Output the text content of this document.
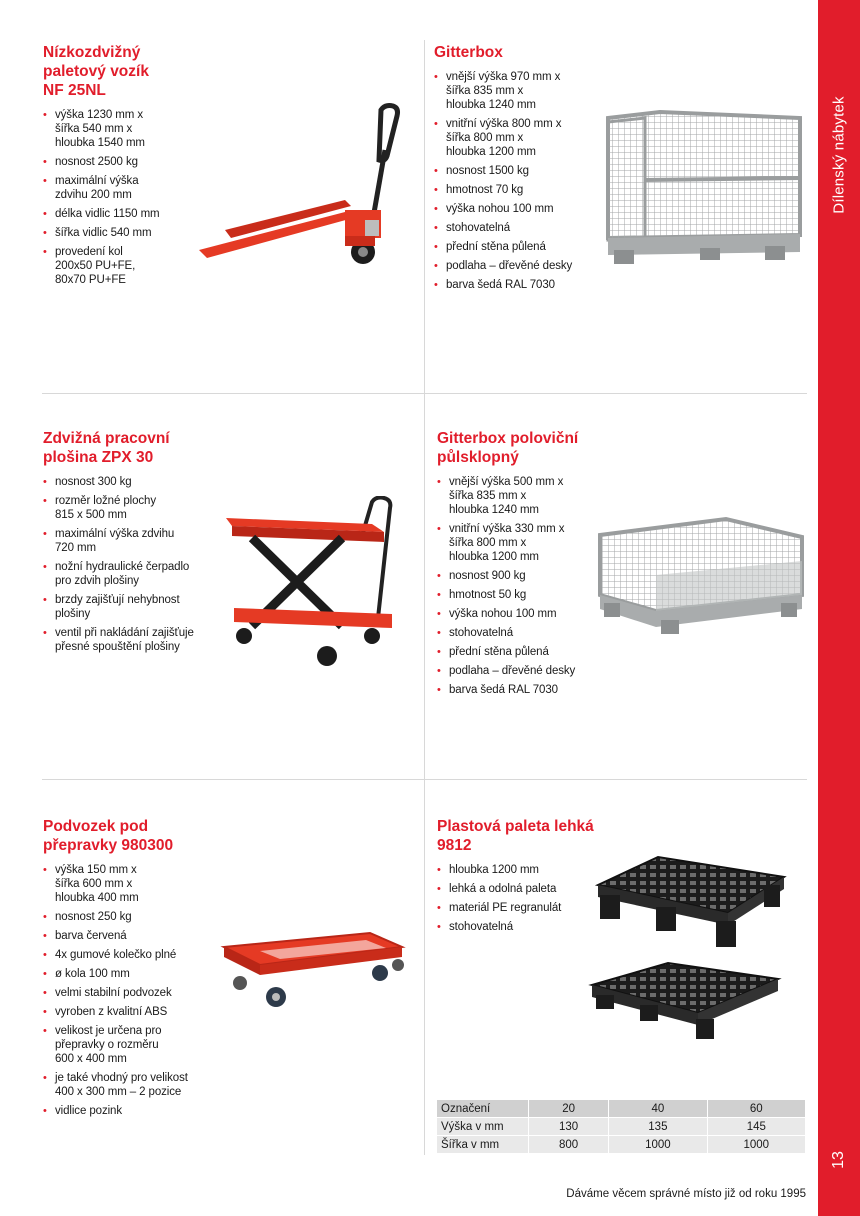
Dílenský nábytek
13
Nízkozdvižný
paletový vozík
NF 25NL
• výška 1230 mm x
šířka 540 mm x
hloubka 1540 mm
• nosnost 2500 kg
• maximální výška
zdvihu 200 mm
• délka vidlic 1150 mm
• šířka vidlic 540 mm
• provedení kol
200x50 PU+FE,
80x70 PU+FE
Gitterbox
• vnější výška 970 mm x
šířka 835 mm x
hloubka 1240 mm
• vnitřní výška 800 mm x
šířka 800 mm x
hloubka 1200 mm
• nosnost 1500 kg
• hmotnost 70 kg
• výška nohou 100 mm
• stohovatelná
• přední stěna půlená
• podlaha – dřevěné desky
• barva šedá RAL 7030
Zdvižná pracovní
plošina ZPX 30
• nosnost 300 kg
• rozměr ložné plochy
815 x 500 mm
• maximální výška zdvihu
720 mm
• nožní hydraulické čerpadlo
pro zdvih plošiny
• brzdy zajišťují nehybnost
plošiny
• ventil při nakládání zajišťuje
přesné spouštění plošiny
Gitterbox poloviční
půlsklopný
• vnější výška 500 mm x
šířka 835 mm x
hloubka 1240 mm
• vnitřní výška 330 mm x
šířka 800 mm x
hloubka 1200 mm
• nosnost 900 kg
• hmotnost 50 kg
• výška nohou 100 mm
• stohovatelná
• přední stěna půlená
• podlaha – dřevěné desky
• barva šedá RAL 7030
Podvozek pod
přepravky 980300
• výška 150 mm x
šířka 600 mm x
hloubka 400 mm
• nosnost 250 kg
• barva červená
• 4x gumové kolečko plné
• ø kola 100 mm
• velmi stabilní podvozek
• vyroben z kvalitní ABS
• velikost je určena pro
přepravky o rozměru
600 x 400 mm
• je také vhodný pro velikost
400 x 300 mm – 2 pozice
• vidlice pozink
Plastová paleta lehká
9812
• hloubka 1200 mm
• lehká a odolná paleta
• materiál PE regranulát
• stohovatelná
Označení	20	40	60
Výška v mm	130	135	145
Šířka v mm	800	1000	1000
Dáváme věcem správné místo již od roku 1995
